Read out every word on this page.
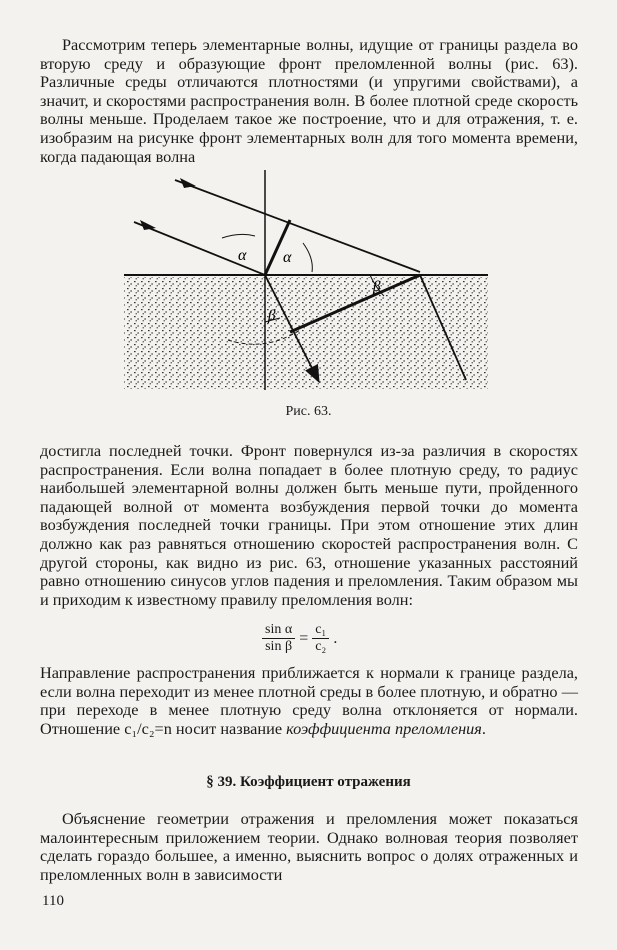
Рассмотрим теперь элементарные волны, идущие от границы раздела во вторую среду и образующие фронт преломленной волны (рис. 63). Различные среды отличаются плотностями (и упругими свойствами), а значит, и скоростями распространения волн. В более плотной среде скорость волны меньше. Проделаем такое же построение, что и для отражения, т. е. изобразим на рисунке фронт элементарных волн для того момента времени, когда падающая волна

α α
β
β
Рис. 63.

достигла последней точки. Фронт повернулся из-за различия в скоростях распространения. Если волна попадает в более плотную среду, то радиус наибольшей элементарной волны должен быть меньше пути, пройденного падающей волной от момента возбуждения первой точки до момента возбуждения последней точки границы. При этом отношение этих длин должно как раз равняться отношению скоростей распространения волн. С другой стороны, как видно из рис. 63, отношение указанных расстояний равно отношению синусов углов падения и преломления. Таким образом мы и приходим к известному правилу преломления волн:

$\frac{\text{sin α}}{\text{sin β}} = \frac{\text{c₁}}{\text{c₂}}$ .

Направление распространения приближается к нормали к границе раздела, если волна переходит из менее плотной среды в более плотную, и обратно — при переходе в менее плотную среду волна отклоняется от нормали. Отношение c₁/c₂=n носит название коэффициента преломления.

§ 39. Коэффициент отражения

Объяснение геометрии отражения и преломления может показаться малоинтересным приложением теории. Однако волновая теория позволяет сделать гораздо большее, а именно, выяснить вопрос о долях отраженных и преломленных волн в зависимости

110
